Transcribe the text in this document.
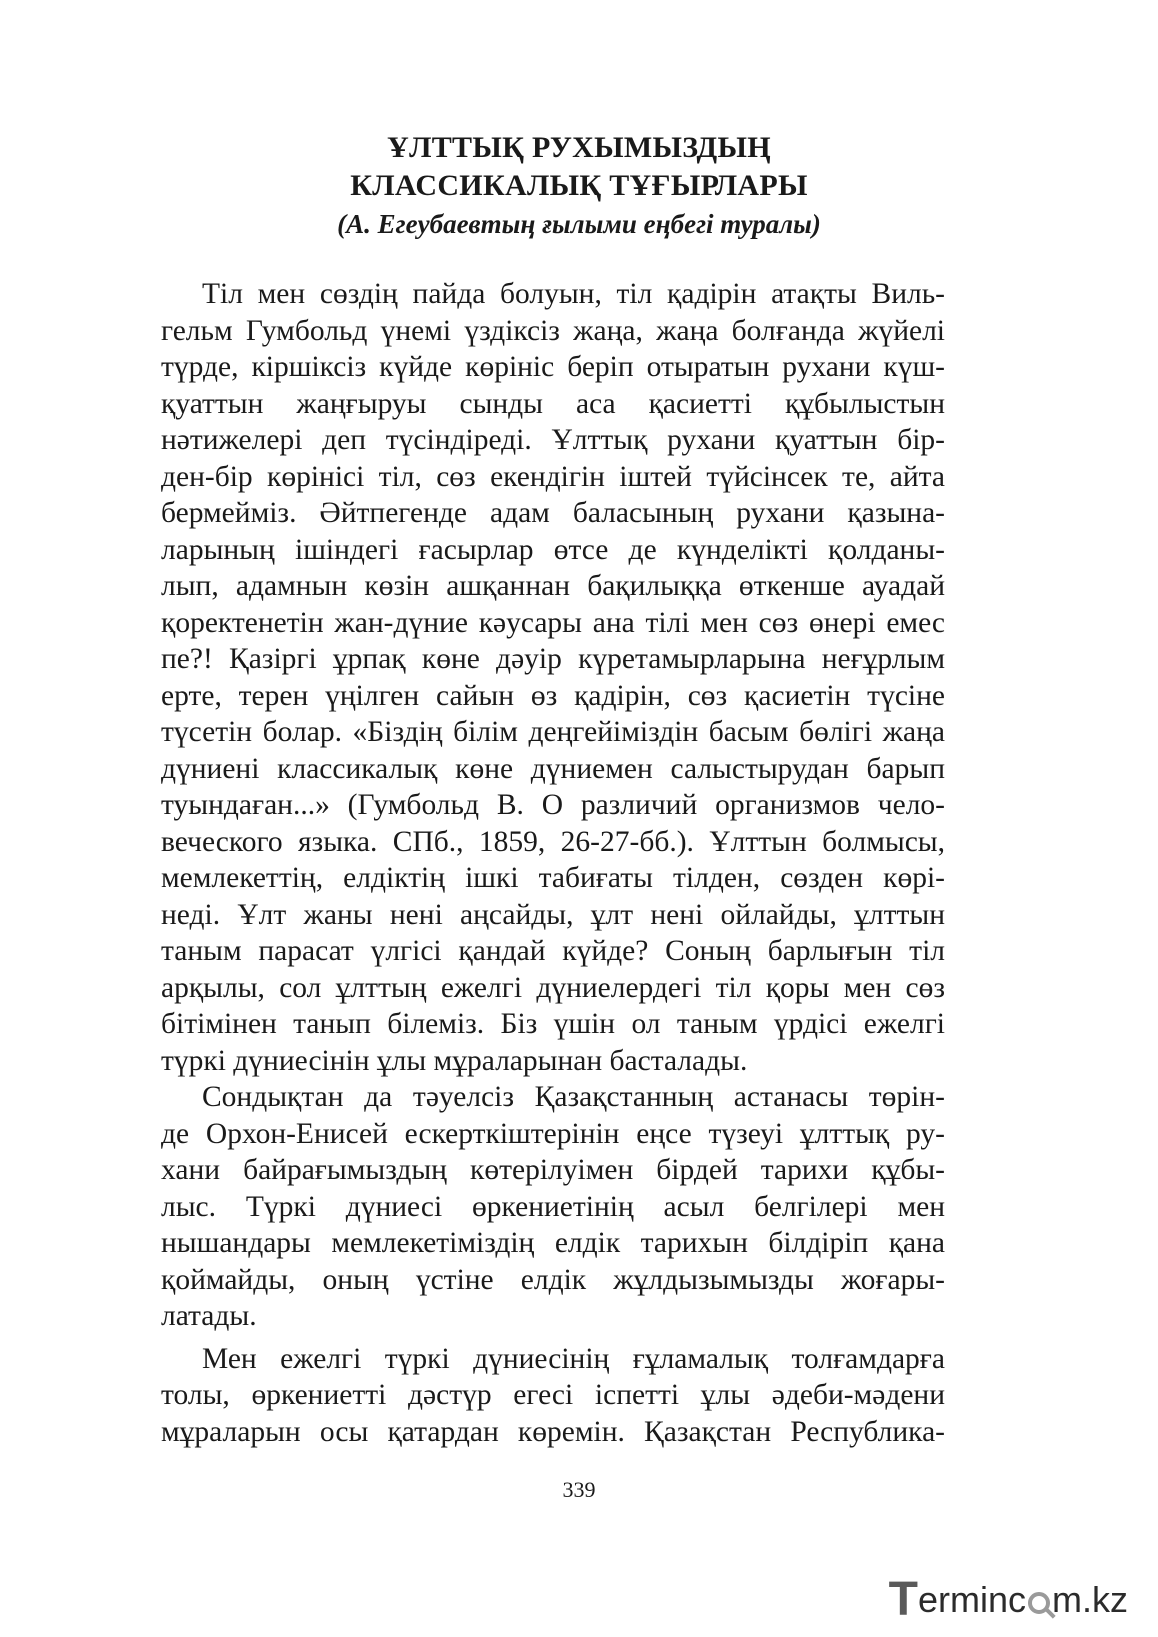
ҰЛТТЫҚ РУХЫМЫЗДЫҢ
КЛАССИКАЛЫҚ ТҰҒЫРЛАРЫ
(А. Егеубаевтың ғылыми еңбегі туралы)
Тіл мен сөздің пайда болуын, тіл қадірін атақты Виль-
гельм Гумбольд үнемі үздіксіз жаңа, жаңа болғанда жүйелі
түрде, кіршіксіз күйде көрініс беріп отыратын рухани күш-
қуаттын жаңғыруы сынды аса қасиетті құбылыстын
нәтижелері деп түсіндіреді. Ұлттық рухани қуаттын бір-
ден-бір көрінісі тіл, сөз екендігін іштей түйсінсек те, айта
бермейміз. Әйтпегенде адам баласының рухани қазына-
ларының ішіндегі ғасырлар өтсе де күнделікті қолданы-
лып, адамнын көзін ашқаннан бақилыққа өткенше ауадай
қоректенетін жан-дүние кәусары ана тілі мен сөз өнері емес
пе?! Қазіргі ұрпақ көне дәуір күретамырларына неғұрлым
ерте, терен үңілген сайын өз қадірін, сөз қасиетін түсіне
түсетін болар. «Біздің білім деңгейіміздін басым бөлігі жаңа
дүниені классикалық көне дүниемен салыстырудан барып
туындаған...» (Гумбольд В. О различий организмов чело-
веческого языка. СПб., 1859, 26-27-бб.). Ұлттын болмысы,
мемлекеттің, елдіктің ішкі табиғаты тілден, сөзден көрі-
неді. Ұлт жаны нені аңсайды, ұлт нені ойлайды, ұлттын
таным парасат үлгісі қандай күйде? Соның барлығын тіл
арқылы, сол ұлттың ежелгі дүниелердегі тіл қоры мен сөз
бітімінен танып білеміз. Біз үшін ол таным үрдісі ежелгі
түркі дүниесінін ұлы мұраларынан басталады.
Сондықтан да тәуелсіз Қазақстанның астанасы төрін-
де Орхон-Енисей ескерткіштерінін еңсе түзеуі ұлттық ру-
хани байрағымыздың көтерілуімен бірдей тарихи құбы-
лыс. Түркі дүниесі өркениетінің асыл белгілері мен
нышандары мемлекетіміздің елдік тарихын білдіріп қана
қоймайды, оның үстіне елдік жұлдызымызды жоғары-
латады.
Мен ежелгі түркі дүниесінің ғұламалық толғамдарға
толы, өркениетті дәстүр егесі іспетті ұлы әдеби-мәдени
мұраларын осы қатардан көремін. Қазақстан Республика-
339
Terminc m.kz
